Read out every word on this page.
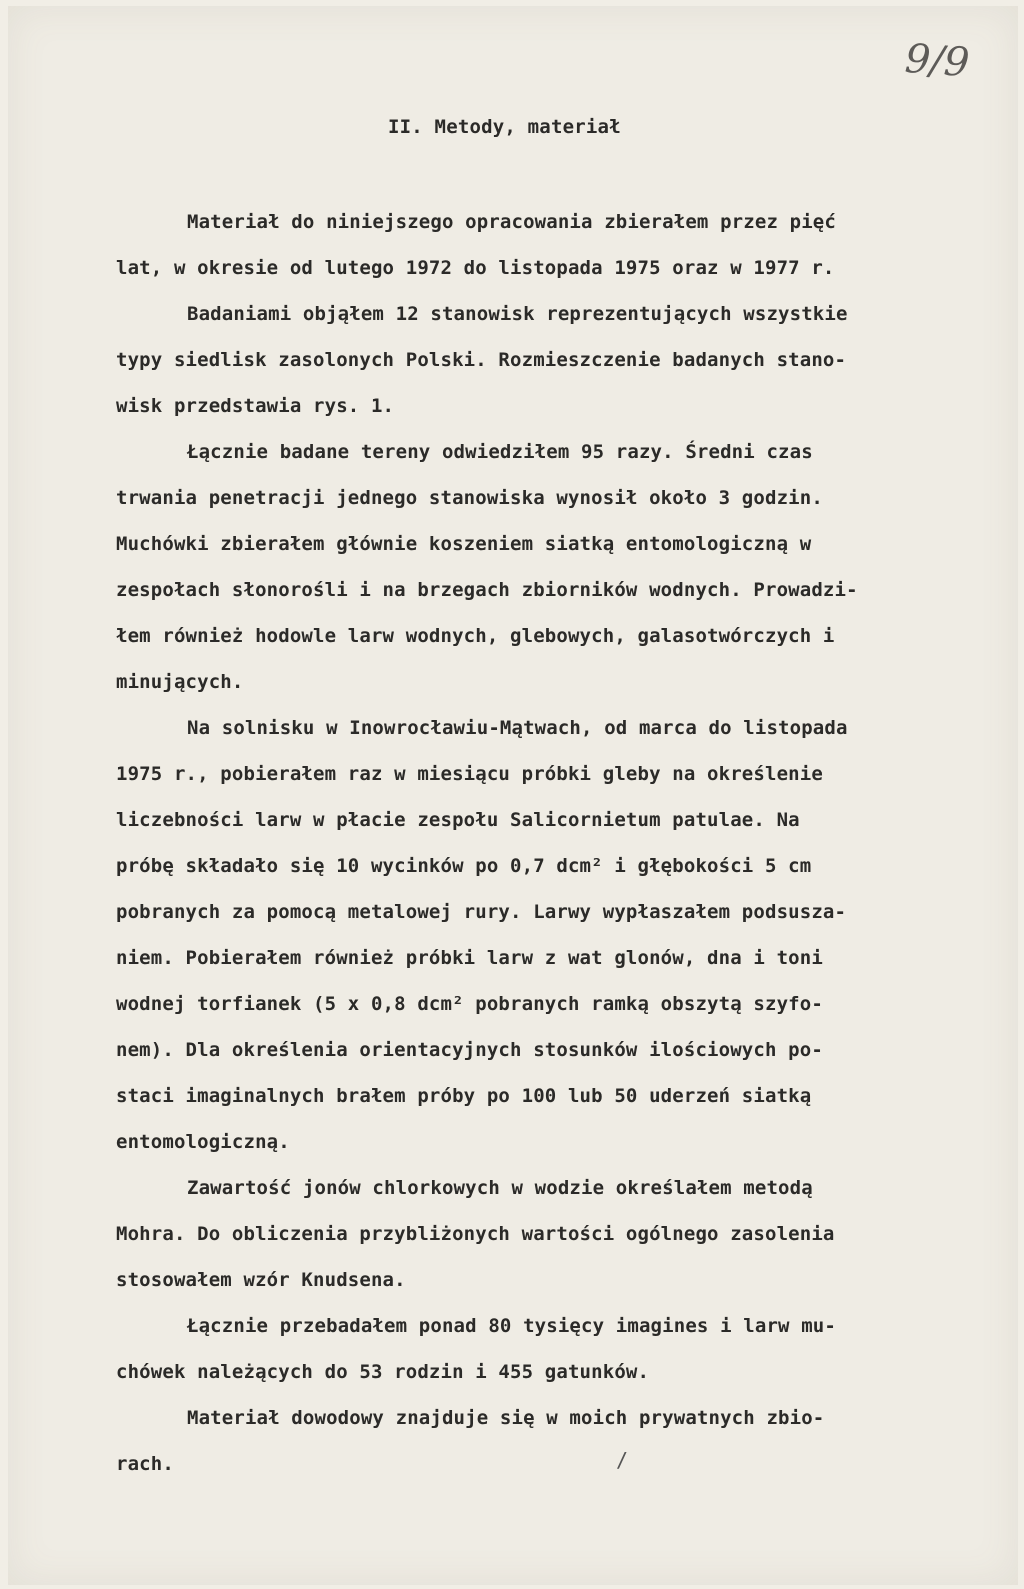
9/9
II. Metody, materiał
Materiał do niniejszego opracowania zbierałem przez pięć
lat, w okresie od lutego 1972 do listopada 1975 oraz w 1977 r.
Badaniami objąłem 12 stanowisk reprezentujących wszystkie
typy siedlisk zasolonych Polski. Rozmieszczenie badanych stano-
wisk przedstawia rys. 1.
Łącznie badane tereny odwiedziłem 95 razy. Średni czas
trwania penetracji jednego stanowiska wynosił około 3 godzin.
Muchówki zbierałem głównie koszeniem siatką entomologiczną w
zespołach słonorośli i na brzegach zbiorników wodnych. Prowadzi-
łem również hodowle larw wodnych, glebowych, galasotwórczych i
minujących.
Na solnisku w Inowrocławiu-Mątwach, od marca do listopada
1975 r., pobierałem raz w miesiącu próbki gleby na określenie
liczebności larw w płacie zespołu Salicornietum patulae. Na
próbę składało się 10 wycinków po 0,7 dcm² i głębokości 5 cm
pobranych za pomocą metalowej rury. Larwy wypłaszałem podsusza-
niem. Pobierałem również próbki larw z wat glonów, dna i toni
wodnej torfianek (5 x 0,8 dcm² pobranych ramką obszytą szyfo-
nem). Dla określenia orientacyjnych stosunków ilościowych po-
staci imaginalnych brałem próby po 100 lub 50 uderzeń siatką
entomologiczną.
Zawartość jonów chlorkowych w wodzie określałem metodą
Mohra. Do obliczenia przybliżonych wartości ogólnego zasolenia
stosowałem wzór Knudsena.
Łącznie przebadałem ponad 80 tysięcy imagines i larw mu-
chówek należących do 53 rodzin i 455 gatunków.
Materiał dowodowy znajduje się w moich prywatnych zbio-
rach.	/
